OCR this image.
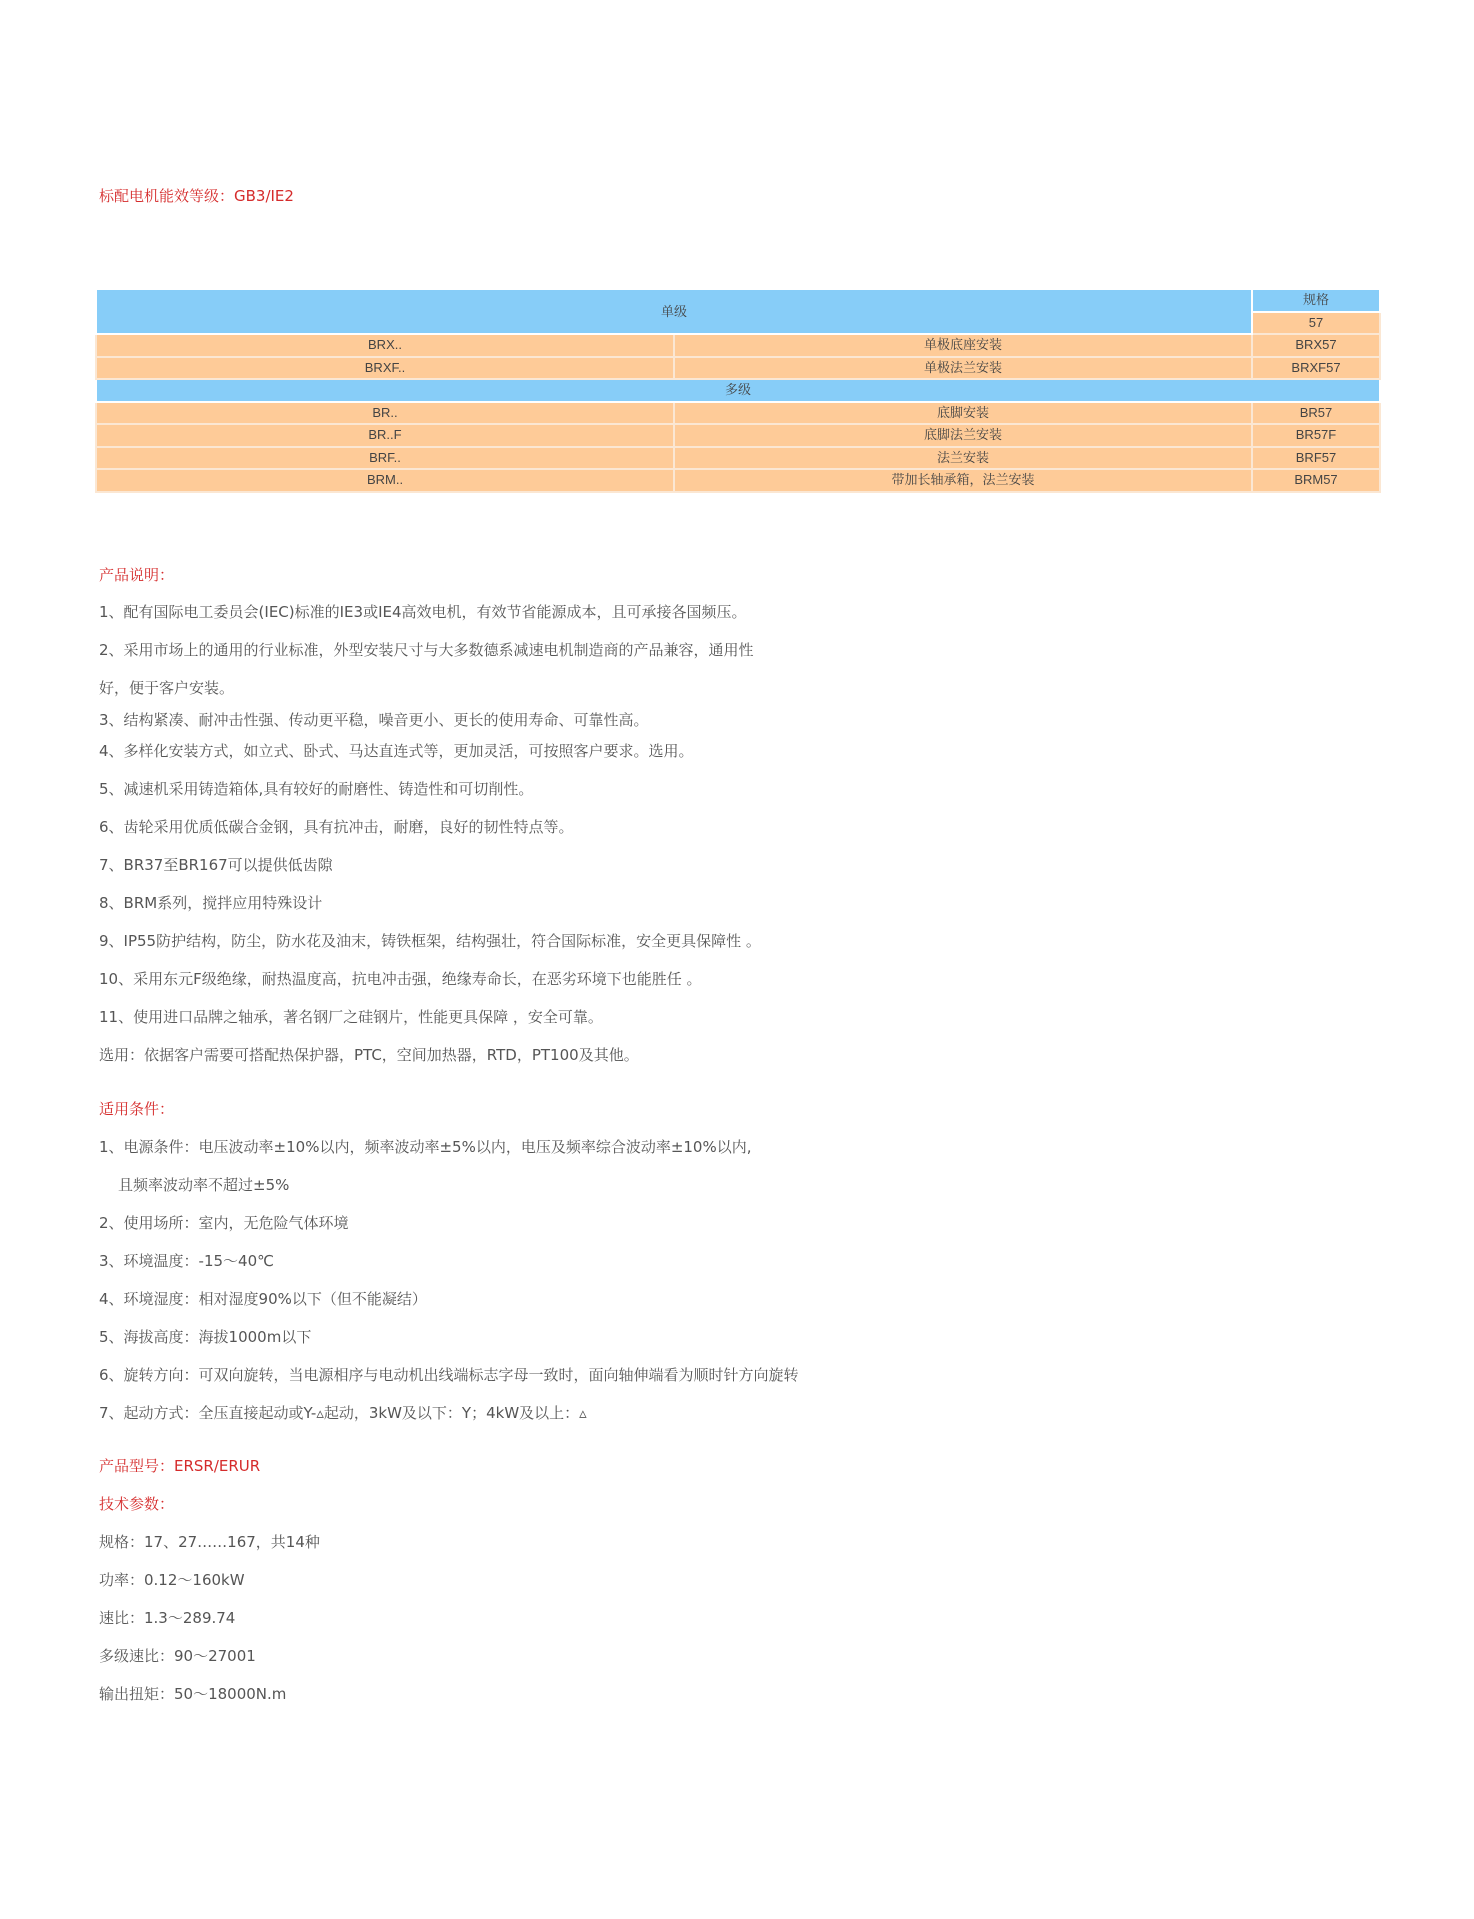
标配电机能效等级：GB3/IE2
单级		规格
		57
BRX..	单极底座安装	BRX57
BRXF..	单极法兰安装	BRXF57
多级		
BR..	底脚安装	BR57
BR..F	底脚法兰安装	BR57F
BRF..	法兰安装	BRF57
BRM..	带加长轴承箱，法兰安装	BRM57
产品说明：
1、配有国际电工委员会(IEC)标准的IE3或IE4高效电机，有效节省能源成本，且可承接各国频压。
2、采用市场上的通用的行业标准，外型安装尺寸与大多数德系减速电机制造商的产品兼容，通用性
好，便于客户安装。
3、结构紧凑、耐冲击性强、传动更平稳，噪音更小、更长的使用寿命、可靠性高。
4、多样化安装方式，如立式、卧式、马达直连式等，更加灵活，可按照客户要求。选用。
5、减速机采用铸造箱体,具有较好的耐磨性、铸造性和可切削性。
6、齿轮采用优质低碳合金钢，具有抗冲击，耐磨，良好的韧性特点等。
7、BR37至BR167可以提供低齿隙
8、BRM系列，搅拌应用特殊设计
9、IP55防护结构，防尘，防水花及油末，铸铁框架，结构强壮，符合国际标准，安全更具保障性 。
10、采用东元F级绝缘，耐热温度高，抗电冲击强，绝缘寿命长，在恶劣环境下也能胜任 。
11、使用进口品牌之轴承，著名钢厂之硅钢片，性能更具保障 ，安全可靠。
选用：依据客户需要可搭配热保护器，PTC，空间加热器，RTD，PT100及其他。
适用条件：
1、电源条件：电压波动率±10%以内，频率波动率±5%以内，电压及频率综合波动率±10%以内,
且频率波动率不超过±5%
2、使用场所：室内，无危险气体环境
3、环境温度：-15～40℃
4、环境湿度：相对湿度90%以下（但不能凝结）
5、海拔高度：海拔1000m以下
6、旋转方向：可双向旋转，当电源相序与电动机出线端标志字母一致时，面向轴伸端看为顺时针方向旋转
7、起动方式：全压直接起动或Y-▵起动，3kW及以下：Y；4kW及以上：▵
产品型号：ERSR/ERUR
技术参数：
规格：17、27……167，共14种
功率：0.12～160kW
速比：1.3～289.74
多级速比：90～27001
输出扭矩：50～18000N.m
